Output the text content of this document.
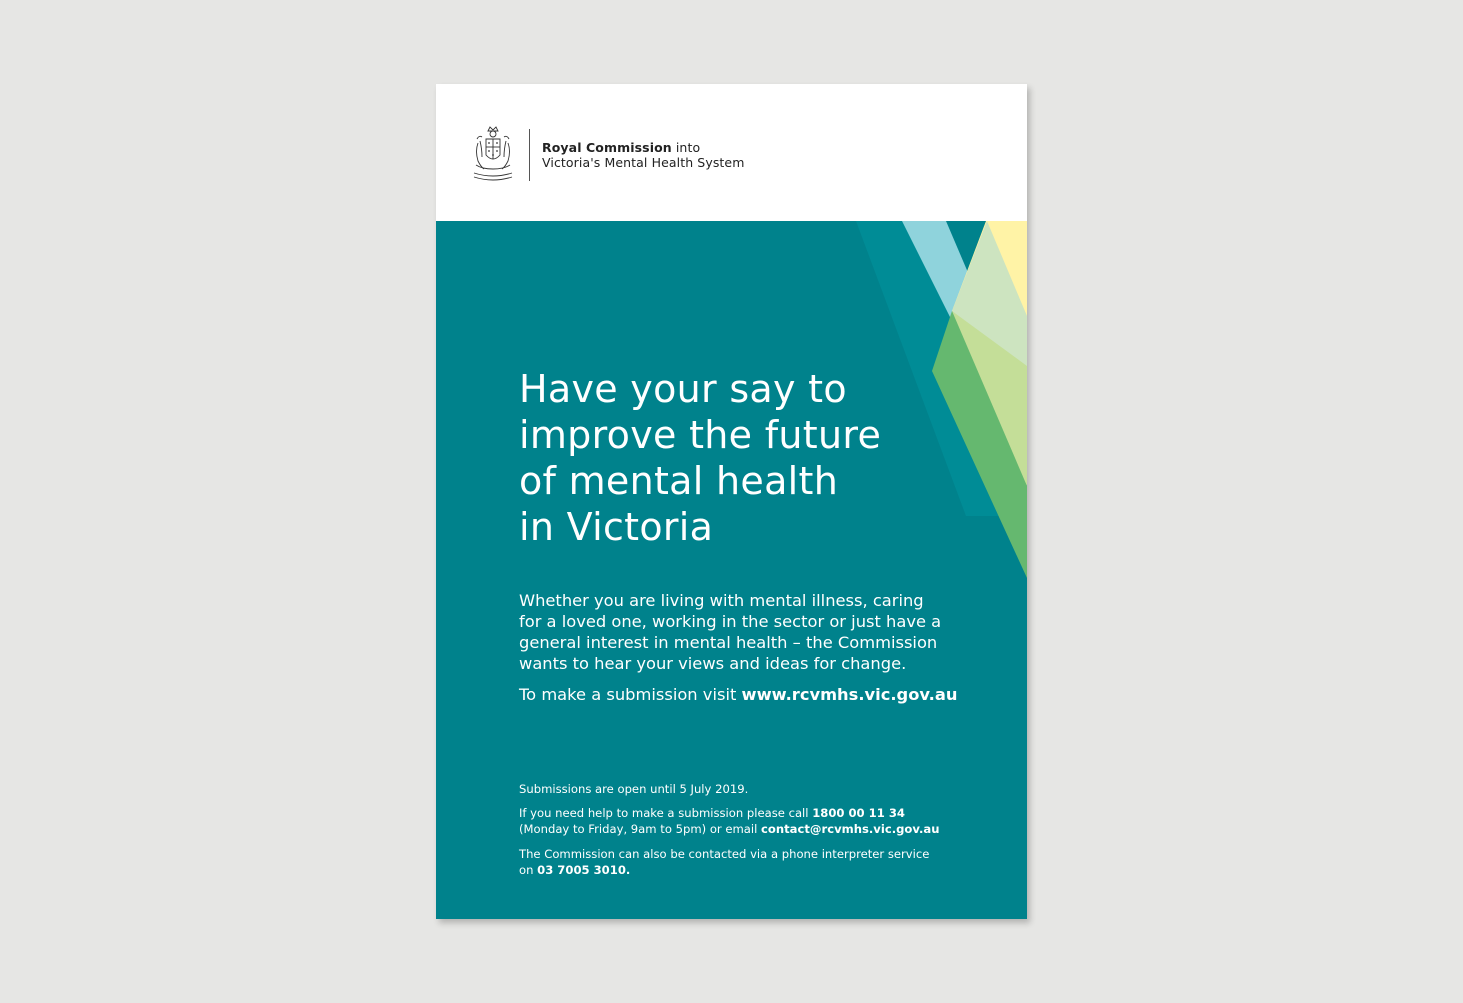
Royal Commission into
Victoria's Mental Health System
Have your say to
improve the future
of mental health
in Victoria

Whether you are living with mental illness, caring
for a loved one, working in the sector or just have a
general interest in mental health – the Commission
wants to hear your views and ideas for change.

To make a submission visit www.rcvmhs.vic.gov.au
Submissions are open until 5 July 2019.
If you need help to make a submission please call 1800 00 11 34
(Monday to Friday, 9am to 5pm) or email contact@rcvmhs.vic.gov.au
The Commission can also be contacted via a phone interpreter service
on 03 7005 3010.
